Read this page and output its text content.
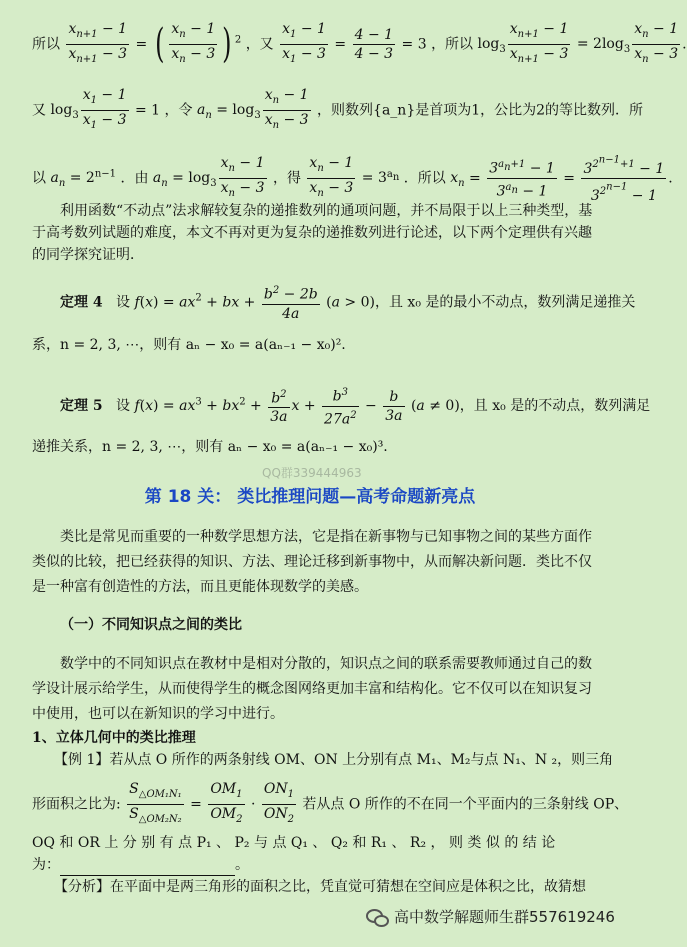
所以 $\frac{x_{n+1} - 1}{x_{n+1} - 3}$ = ( $\frac{x_n - 1}{x_n - 3}$ ) $^2$ ，又 $\frac{x_1 - 1}{x_1 - 3} = \frac{4 - 1}{4 - 3} = 3$ ，所以 $\log_3 \frac{x_{n+1} - 1}{x_{n+1} - 3} = 2\log_3 \frac{x_n - 1}{x_n - 3}$ .
又 $\log_3 \frac{x_1 - 1}{x_1 - 3} = 1$ ，令 $a_n = \log_3 \frac{x_n - 1}{x_n - 3}$ ，则数列{a_n}是首项为1，公比为2的等比数列．所
以 $a_n = 2^{n-1}$ ．由 $a_n = \log_3 \frac{x_n - 1}{x_n - 3}$ ，得 $\frac{x_n - 1}{x_n - 3} = 3^{a_n}$ ．所以 $x_n = \frac{3^{a_n+1} - 1}{3^{a_n} - 1} = \frac{3^{2^{n-1}+1} - 1}{3^{2^{n-1}} - 1}$ .
利用函数“不动点”法求解较复杂的递推数列的通项问题，并不局限于以上三种类型，基
于高考数列试题的难度，本文不再对更为复杂的递推数列进行论述，以下两个定理供有兴趣
的同学探究证明．
定理 4 设 $f(x) = ax^2$ + bx + $\frac{b^2 - 2b}{4a} (a > 0)$，且 x₀ 是的最小不动点，数列满足递推关
系，n = 2, 3, ⋯，则有 aₙ − x₀ = a(aₙ₋₁ − x₀)².
定理 5 设 $f(x) = ax^3 + bx^2 + \frac{b^2}{3a}$ $x + \frac{b^3}{27a^2} - \frac{b}{3a} (a \ne 0)$，且 x₀ 是的不动点，数列满足
递推关系，n = 2, 3, ⋯，则有 aₙ − x₀ = a(aₙ₋₁ − x₀)³.
QQ群339444963
第 18 关： 类比推理问题—高考命题新亮点
类比是常见而重要的一种数学思想方法，它是指在新事物与已知事物之间的某些方面作
类似的比较，把已经获得的知识、方法、理论迁移到新事物中，从而解决新问题．类比不仅
是一种富有创造性的方法，而且更能体现数学的美感。
（一）不同知识点之间的类比
数学中的不同知识点在教材中是相对分散的，知识点之间的联系需要教师通过自己的数
学设计展示给学生，从而使得学生的概念图网络更加丰富和结构化。它不仅可以在知识复习
中使用，也可以在新知识的学习中进行。
1、立体几何中的类比推理
【例 1】若从点 O 所作的两条射线 OM、ON 上分别有点 M₁、M₂与点 N₁、N ₂，则三角
形面积之比为: $\frac{S_{\triangle OM_1N_1}}{S_{\triangle OM_2N_2}} = \frac{OM_1}{OM_2} \cdot \frac{ON_1}{ON_2}$ 若从点 O 所作的不在同一个平面内的三条射线 OP、
OQ 和 OR 上 分 别 有 点 P₁ 、 P₂ 与 点 Q₁ 、 Q₂ 和 R₁ 、 R₂ ， 则 类 似 的 结 论
为：	。
【分析】在平面中是两三角形的面积之比，凭直觉可猜想在空间应是体积之比，故猜想
高中数学解题师生群557619246
